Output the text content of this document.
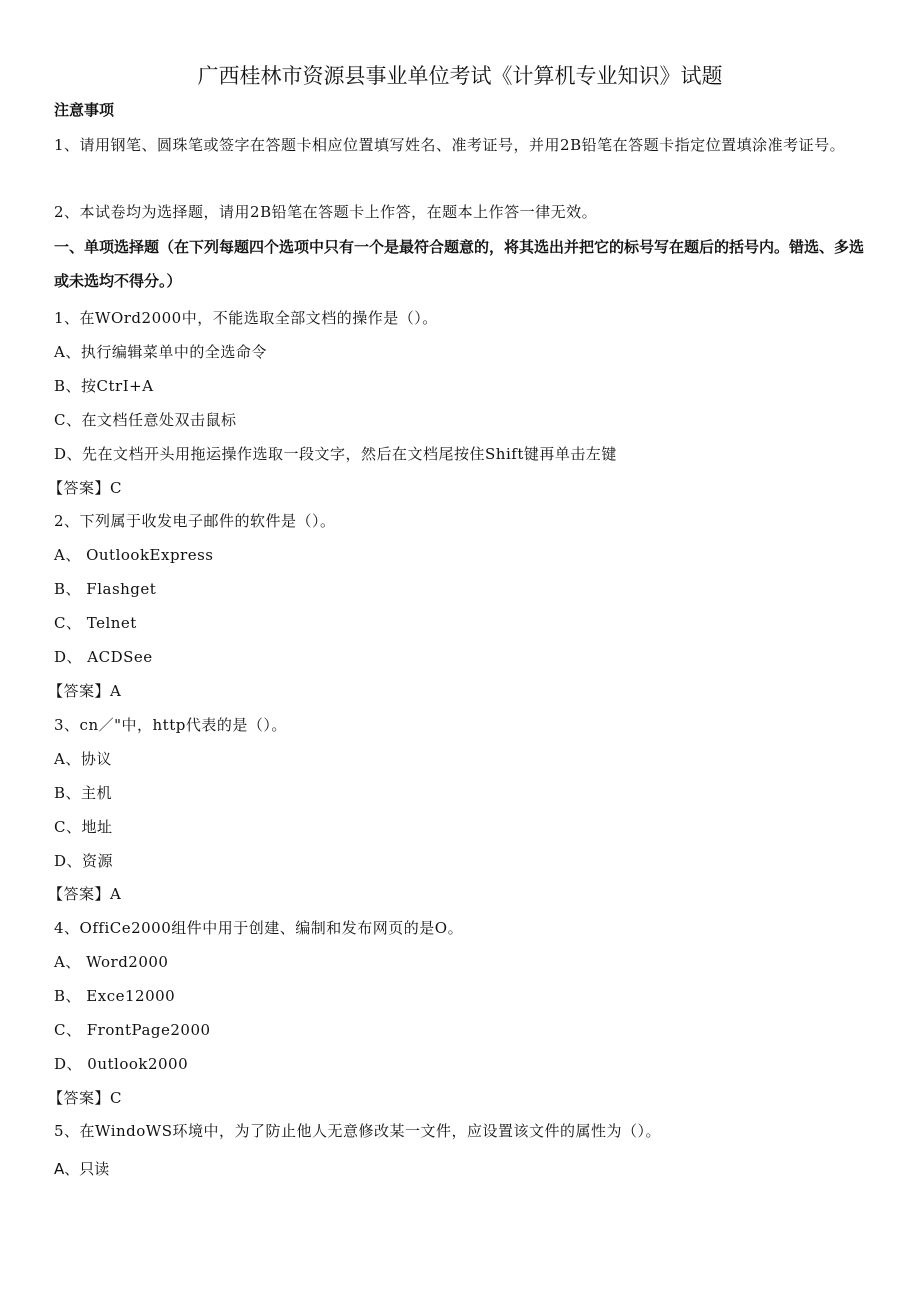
广西桂林市资源县事业单位考试《计算机专业知识》试题
注意事项
1、请用钢笔、圆珠笔或签字在答题卡相应位置填写姓名、准考证号，并用2B铅笔在答题卡指定位置填涂准考证号。
2、本试卷均为选择题，请用2B铅笔在答题卡上作答，在题本上作答一律无效。
一、单项选择题（在下列每题四个选项中只有一个是最符合题意的，将其选出并把它的标号写在题后的括号内。错选、多选或未选均不得分。）
1、在WOrd2000中，不能选取全部文档的操作是（）。
A、执行编辑菜单中的全选命令
B、按CtrI+A
C、在文档任意处双击鼠标
D、先在文档开头用拖运操作选取一段文字，然后在文档尾按住Shift键再单击左键
【答案】C
2、下列属于收发电子邮件的软件是（）。
A、 OutlookExpress
B、 Flashget
C、 Telnet
D、 ACDSee
【答案】A
3、cn／"中，http代表的是（）。
A、协议
B、主机
C、地址
D、资源
【答案】A
4、OffiCe2000组件中用于创建、编制和发布网页的是O。
A、 Word2000
B、 Exce12000
C、 FrontPage2000
D、 0utlook2000
【答案】C
5、在WindoWS环境中，为了防止他人无意修改某一文件，应设置该文件的属性为（）。
A、只读
